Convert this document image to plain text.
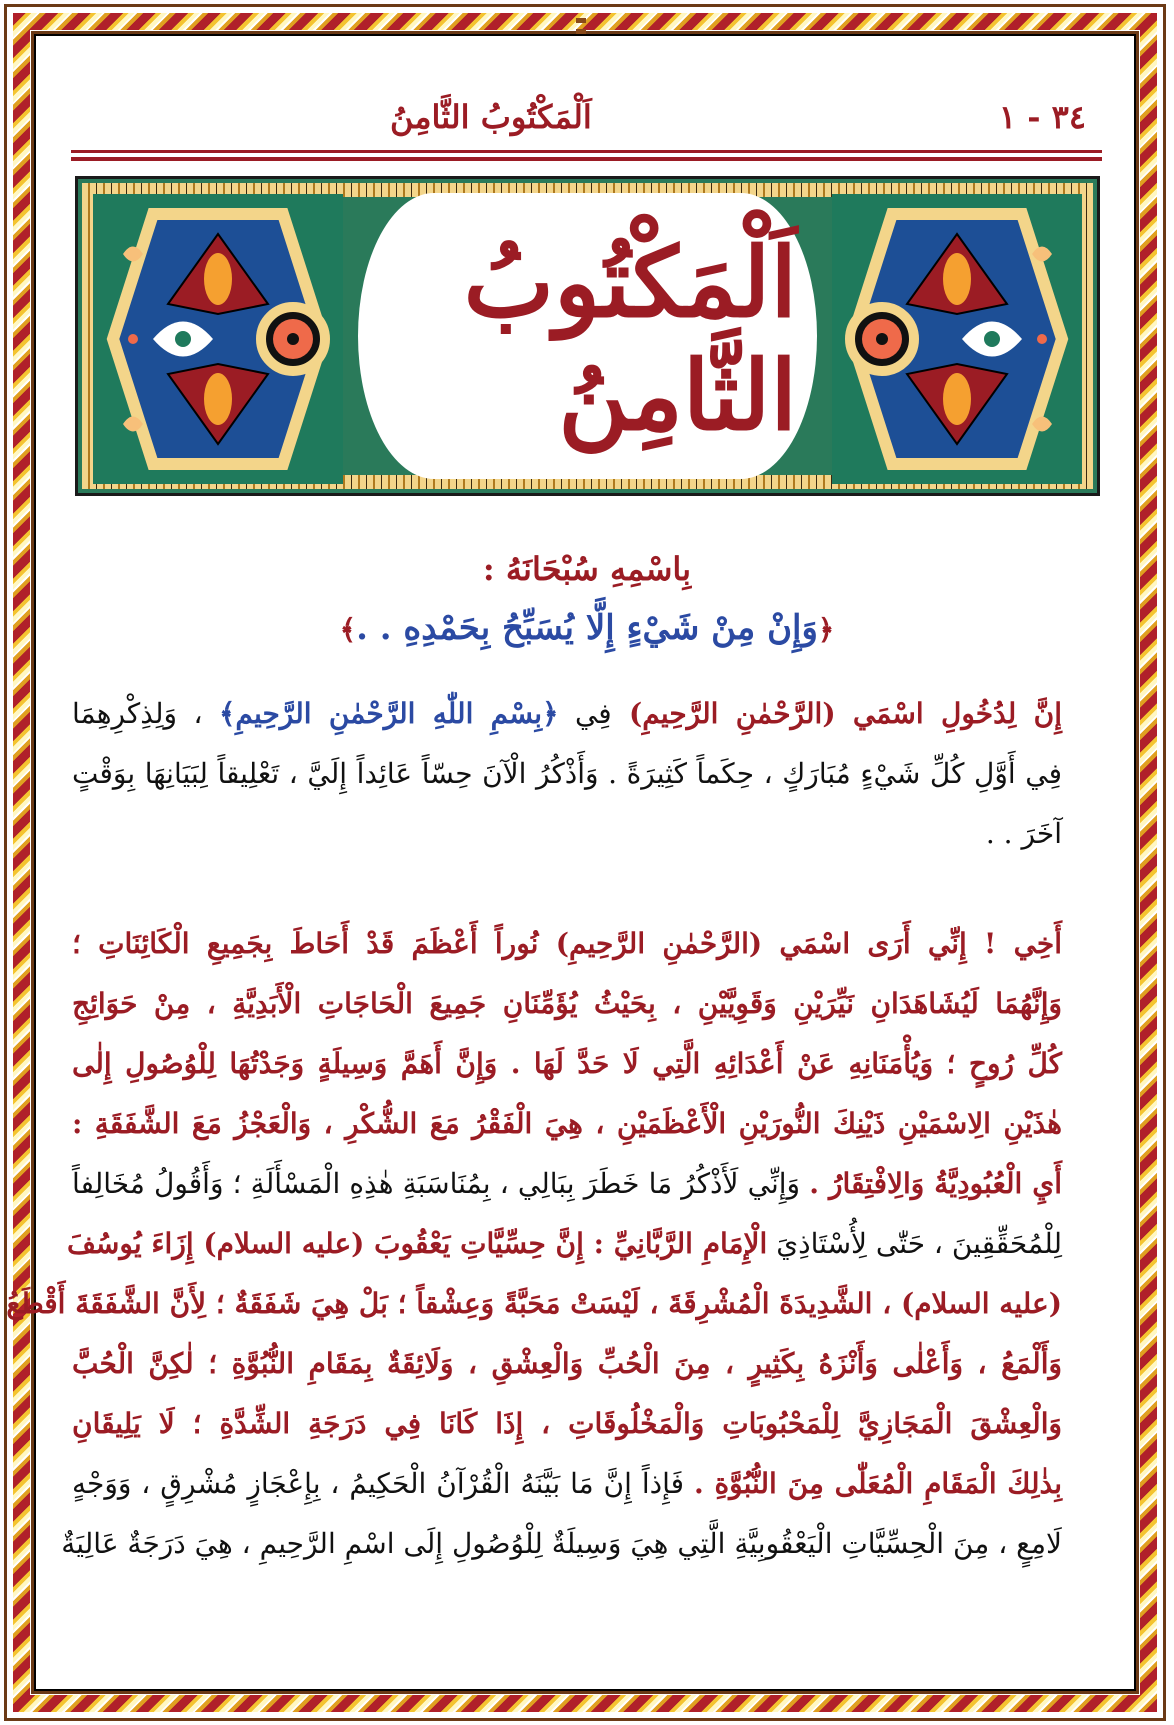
٣٤ - ١
اَلْمَكْتُوبُ الثَّامِنُ
اَلْمَكْتُوبُ الثَّامِنُ
بِاسْمِهِ سُبْحَانَهُ :
﴿وَإِنْ مِنْ شَيْءٍ إِلَّا يُسَبِّحُ بِحَمْدِهِ . .﴾
إِنَّ لِدُخُولِ اسْمَي (الرَّحْمٰنِ الرَّحِيمِ) فِي ﴿بِسْمِ اللّٰهِ الرَّحْمٰنِ الرَّحِيمِ﴾ ، وَلِذِكْرِهِمَا
فِي أَوَّلِ كُلِّ شَيْءٍ مُبَارَكٍ ، حِكَماً كَثِيرَةً . وَأَذْكُرُ الْآنَ حِسّاً عَائِداً إِلَيَّ ، تَعْلِيقاً لِبَيَانِهَا بِوَقْتٍ
آخَرَ . .
أَخِي ! إِنِّي أَرَى اسْمَي (الرَّحْمٰنِ الرَّحِيمِ) نُوراً أَعْظَمَ قَدْ أَحَاطَ بِجَمِيعِ الْكَائِنَاتِ ؛
وَإِنَّهُمَا لَيُشَاهَدَانِ نَيِّرَيْنِ وَقَوِيَّيْنِ ، بِحَيْثُ يُؤَمِّنَانِ جَمِيعَ الْحَاجَاتِ الْأَبَدِيَّةِ ، مِنْ حَوَائِجِ
كُلِّ رُوحٍ ؛ وَيُأْمَنَانِهِ عَنْ أَعْدَائِهِ الَّتِي لَا حَدَّ لَهَا . وَإِنَّ أَهَمَّ وَسِيلَةٍ وَجَدْتُهَا لِلْوُصُولِ إِلٰى
هٰذَيْنِ الِاسْمَيْنِ ذَيْنِكَ النُّورَيْنِ الْأَعْظَمَيْنِ ، هِيَ الْفَقْرُ مَعَ الشُّكْرِ ، وَالْعَجْزُ مَعَ الشَّفَقَةِ :
أَيِ الْعُبُودِيَّةُ وَالِافْتِقَارُ . وَإِنِّي لَأَذْكُرُ مَا خَطَرَ بِبَالِي ، بِمُنَاسَبَةِ هٰذِهِ الْمَسْأَلَةِ ؛ وَأَقُولُ مُخَالِفاً
لِلْمُحَقِّقِينَ ، حَتّٰى لِأُسْتَاذِيَ الْإِمَامِ الرَّبَّانِيِّ : إِنَّ حِسِّيَّاتِ يَعْقُوبَ (عليه السلام) إِزَاءَ يُوسُفَ
(عليه السلام) ، الشَّدِيدَةَ الْمُشْرِقَةَ ، لَيْسَتْ مَحَبَّةً وَعِشْقاً ؛ بَلْ هِيَ شَفَقَةٌ ؛ لِأَنَّ الشَّفَقَةَ أَقْطَعُ
وَأَلْمَعُ ، وَأَعْلٰى وَأَنْزَهُ بِكَثِيرٍ ، مِنَ الْحُبِّ وَالْعِشْقِ ، وَلَائِقَةٌ بِمَقَامِ النُّبُوَّةِ ؛ لٰكِنَّ الْحُبَّ
وَالْعِشْقَ الْمَجَازِيَّ لِلْمَحْبُوبَاتِ وَالْمَخْلُوقَاتِ ، إِذَا كَانَا فِي دَرَجَةِ الشِّدَّةِ ؛ لَا يَلِيقَانِ
بِذٰلِكَ الْمَقَامِ الْمُعَلّٰى مِنَ النُّبُوَّةِ . فَإِذاً إِنَّ مَا بَيَّنَهُ الْقُرْآنُ الْحَكِيمُ ، بِإِعْجَازٍ مُشْرِقٍ ، وَوَجْهٍ
لَامِعٍ ، مِنَ الْحِسِّيَّاتِ الْيَعْقُوبِيَّةِ الَّتِي هِيَ وَسِيلَةٌ لِلْوُصُولِ إِلَى اسْمِ الرَّحِيمِ ، هِيَ دَرَجَةٌ عَالِيَةٌ
